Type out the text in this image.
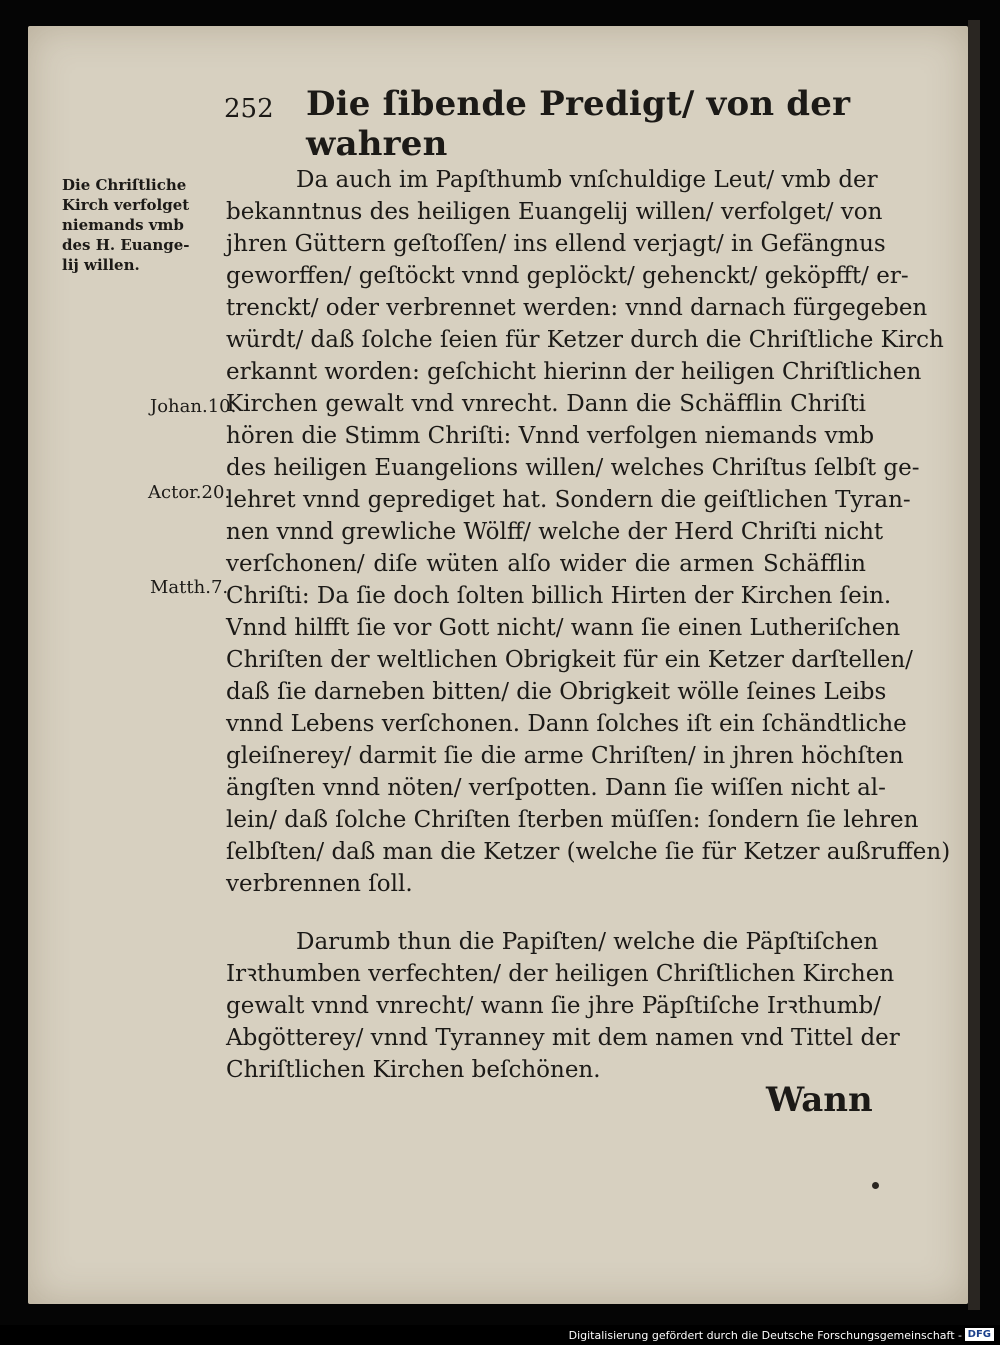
252 Die ſibende Predigt/ von der wahren
Die Chriſtliche
Kirch verfolget
niemands vmb
des H. Euange-
lij willen.
Johan.10.
Actor.20.
Matth.7.
Da auch im Papſthumb vnſchuldige Leut/ vmb der
bekanntnus des heiligen Euangelij willen/ verfolget/ von
jhren Güttern geſtoſſen/ ins ellend verjagt/ in Gefängnus
geworffen/ geſtöckt vnnd geplöckt/ gehenckt/ geköpfft/ er-
trenckt/ oder verbrennet werden: vnnd darnach fürgegeben
würdt/ daß ſolche ſeien für Ketzer durch die Chriſtliche Kirch
erkannt worden: geſchicht hierinn der heiligen Chriſtlichen
Kirchen gewalt vnd vnrecht. Dann die Schäfflin Chriſti
hören die Stimm Chriſti: Vnnd verfolgen niemands vmb
des heiligen Euangelions willen/ welches Chriſtus ſelbſt ge-
lehret vnnd geprediget hat. Sondern die geiſtlichen Tyran-
nen vnnd grewliche Wölff/ welche der Herd Chriſti nicht
verſchonen/ diſe wüten alſo wider die armen Schäfflin
Chriſti: Da ſie doch ſolten billich Hirten der Kirchen ſein.
Vnnd hilfft ſie vor Gott nicht/ wann ſie einen Lutheriſchen
Chriſten der weltlichen Obrigkeit für ein Ketzer darſtellen/
daß ſie darneben bitten/ die Obrigkeit wölle ſeines Leibs
vnnd Lebens verſchonen. Dann ſolches iſt ein ſchändtliche
gleiſnerey/ darmit ſie die arme Chriſten/ in jhren höchſten
ängſten vnnd nöten/ verſpotten. Dann ſie wiſſen nicht al-
lein/ daß ſolche Chriſten ſterben müſſen: ſondern ſie lehren
ſelbſten/ daß man die Ketzer (welche ſie für Ketzer außruffen)
verbrennen ſoll.
Darumb thun die Papiſten/ welche die Päpſtiſchen
Irꝛthumben verfechten/ der heiligen Chriſtlichen Kirchen
gewalt vnnd vnrecht/ wann ſie jhre Päpſtiſche Irꝛthumb/
Abgötterey/ vnnd Tyranney mit dem namen vnd Tittel der
Chriſtlichen Kirchen beſchönen.
Wann
Digitalisierung gefördert durch die Deutsche Forschungsgemeinschaft - DFG
